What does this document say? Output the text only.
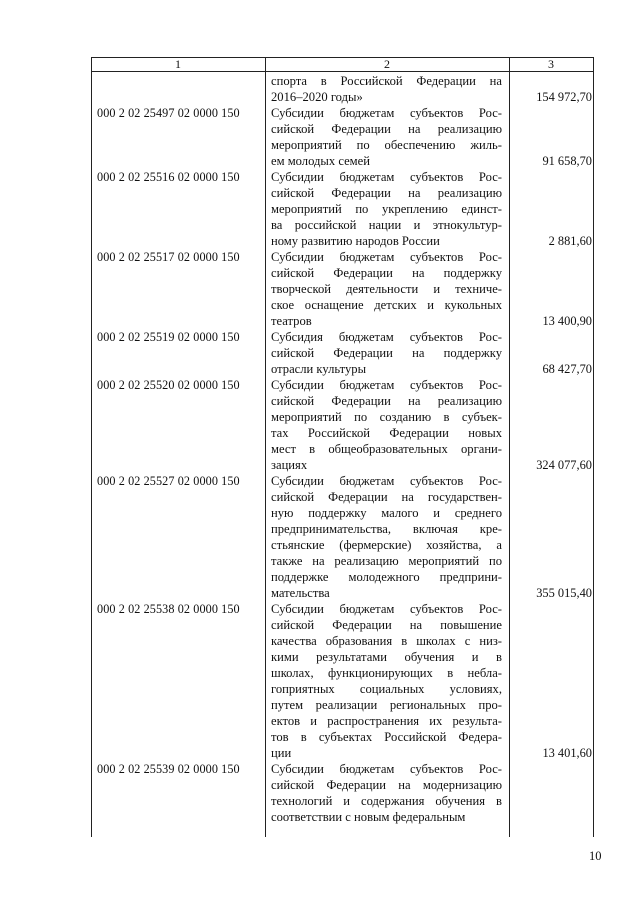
1	2	3
спорта в Российской Федерации на
2016–2020 годы»	154 972,70
000 2 02 25497 02 0000 150	Субсидии бюджетам субъектов Рос-
сийской Федерации на реализацию
мероприятий по обеспечению жиль-
ем молодых семей	91 658,70
000 2 02 25516 02 0000 150	Субсидии бюджетам субъектов Рос-
сийской Федерации на реализацию
мероприятий по укреплению единст-
ва российской нации и этнокультур-
ному развитию народов России	2 881,60
000 2 02 25517 02 0000 150	Субсидии бюджетам субъектов Рос-
сийской Федерации на поддержку
творческой деятельности и техниче-
ское оснащение детских и кукольных
театров	13 400,90
000 2 02 25519 02 0000 150	Субсидия бюджетам субъектов Рос-
сийской Федерации на поддержку
отрасли культуры	68 427,70
000 2 02 25520 02 0000 150	Субсидии бюджетам субъектов Рос-
сийской Федерации на реализацию
мероприятий по созданию в субъек-
тах Российской Федерации новых
мест в общеобразовательных органи-
зациях	324 077,60
000 2 02 25527 02 0000 150	Субсидии бюджетам субъектов Рос-
сийской Федерации на государствен-
ную поддержку малого и среднего
предпринимательства, включая кре-
стьянские (фермерские) хозяйства, а
также на реализацию мероприятий по
поддержке молодежного предприни-
мательства	355 015,40
000 2 02 25538 02 0000 150	Субсидии бюджетам субъектов Рос-
сийской Федерации на повышение
качества образования в школах с низ-
кими результатами обучения и в
школах, функционирующих в небла-
гоприятных социальных условиях,
путем реализации региональных про-
ектов и распространения их результа-
тов в субъектах Российской Федера-
ции	13 401,60
000 2 02 25539 02 0000 150	Субсидии бюджетам субъектов Рос-
сийской Федерации на модернизацию
технологий и содержания обучения в
соответствии с новым федеральным
10
